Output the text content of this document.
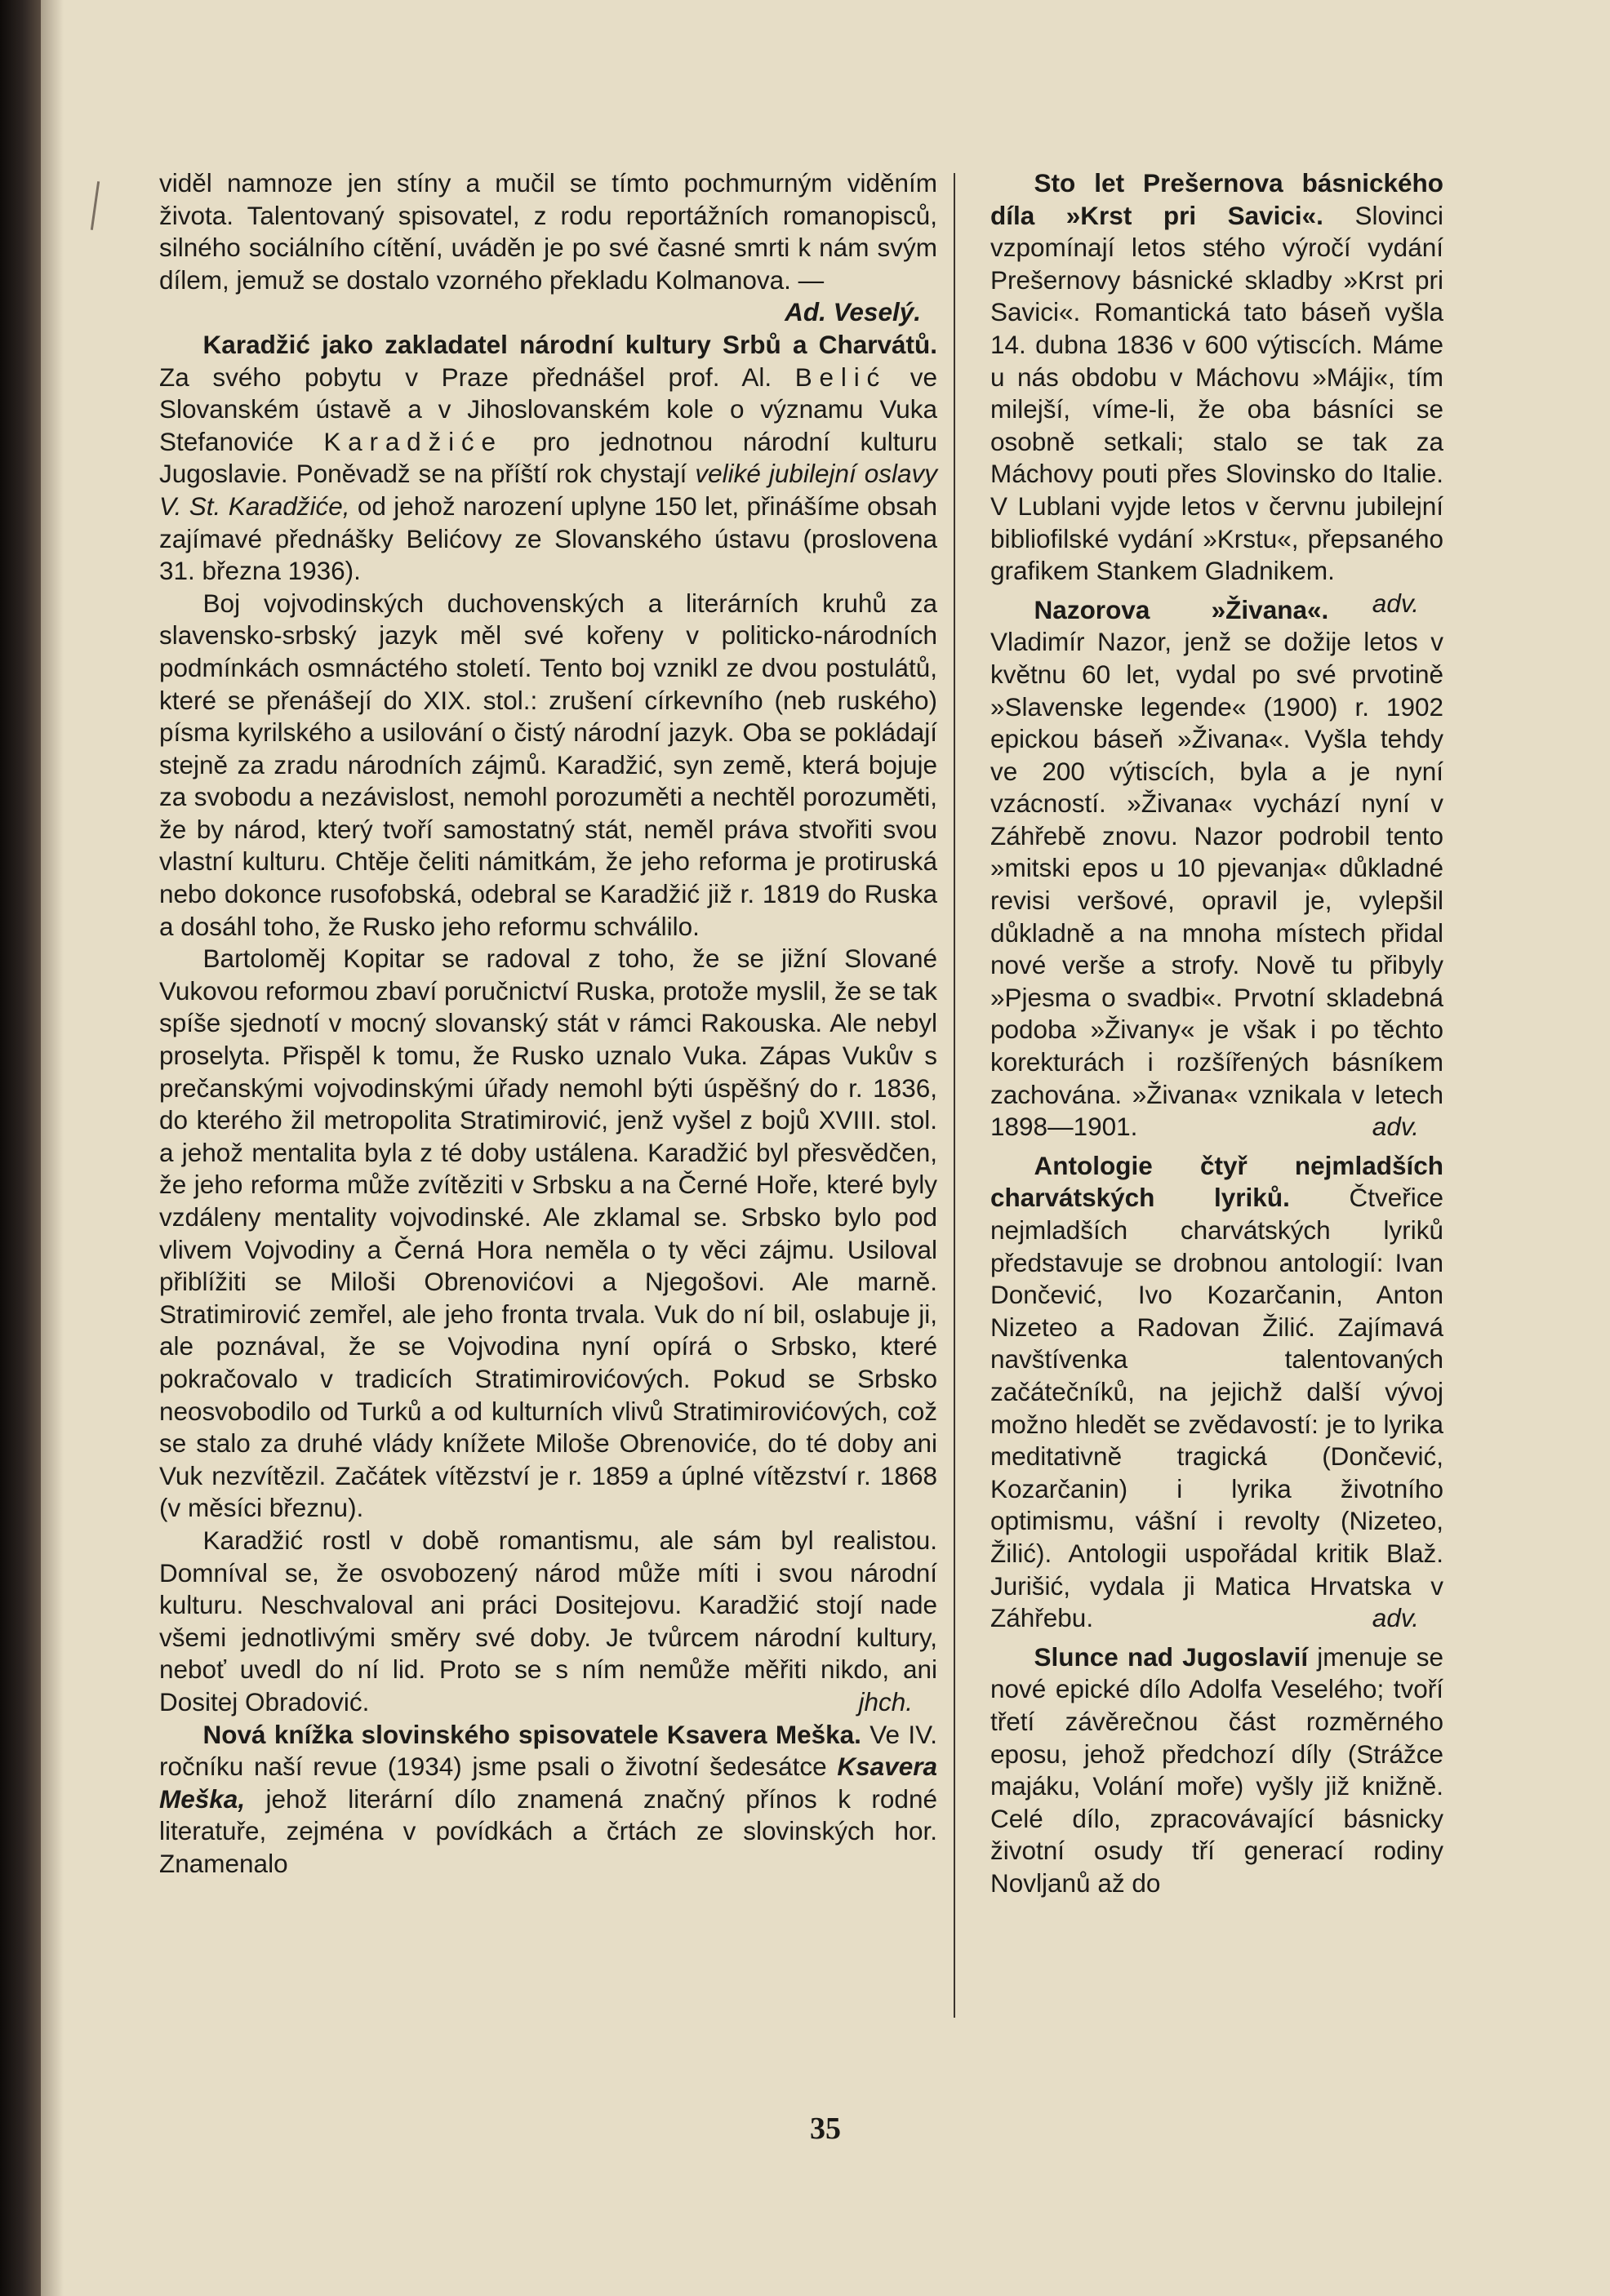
viděl namnoze jen stíny a mučil se tímto pochmurným viděním života. Talentovaný spisovatel, z rodu reportážních romanopisců, silného sociálního cítění, uváděn je po své časné smrti k nám svým dílem, jemuž se dostalo vzorného překladu Kolmanova. —

Ad. Veselý.

Karadžić jako zakladatel národní kultury Srbů a Charvátů. Za svého pobytu v Praze přednášel prof. Al. Belić ve Slovanském ústavě a v Jihoslovanském kole o významu Vuka Stefanoviće Karadžiće pro jednotnou národní kulturu Jugoslavie. Poněvadž se na příští rok chystají veliké jubilejní oslavy V. St. Karadžiće, od jehož narození uplyne 150 let, přinášíme obsah zajímavé přednášky Belićovy ze Slovanského ústavu (proslovena 31. března 1936).

Boj vojvodinských duchovenských a literárních kruhů za slavensko-srbský jazyk měl své kořeny v politicko-národních podmínkách osmnáctého století. Tento boj vznikl ze dvou postulátů, které se přenášejí do XIX. stol.: zrušení církevního (neb ruského) písma kyrilského a usilování o čistý národní jazyk. Oba se pokládají stejně za zradu národních zájmů. Karadžić, syn země, která bojuje za svobodu a nezávislost, nemohl porozuměti a nechtěl porozuměti, že by národ, který tvoří samostatný stát, neměl práva stvořiti svou vlastní kulturu. Chtěje čeliti námitkám, že jeho reforma je protiruská nebo dokonce rusofobská, odebral se Karadžić již r. 1819 do Ruska a dosáhl toho, že Rusko jeho reformu schválilo.

Bartoloměj Kopitar se radoval z toho, že se jižní Slované Vukovou reformou zbaví poručnictví Ruska, protože myslil, že se tak spíše sjednotí v mocný slovanský stát v rámci Rakouska. Ale nebyl proselyta. Přispěl k tomu, že Rusko uznalo Vuka. Zápas Vukův s prečanskými vojvodinskými úřady nemohl býti úspěšný do r. 1836, do kterého žil metropolita Stratimirović, jenž vyšel z bojů XVIII. stol. a jehož mentalita byla z té doby ustálena. Karadžić byl přesvědčen, že jeho reforma může zvítěziti v Srbsku a na Černé Hoře, které byly vzdáleny mentality vojvodinské. Ale zklamal se. Srbsko bylo pod vlivem Vojvodiny a Černá Hora neměla o ty věci zájmu. Usiloval přiblížiti se Miloši Obrenovićovi a Njegošovi. Ale marně. Stratimirović zemřel, ale jeho fronta trvala. Vuk do ní bil, oslabuje ji, ale poznával, že se Vojvodina nyní opírá o Srbsko, které pokračovalo v tradicích Stratimirovićových. Pokud se Srbsko neosvobodilo od Turků a od kulturních vlivů Stratimirovićových, což se stalo za druhé vlády knížete Miloše Obrenoviće, do té doby ani Vuk nezvítězil. Začátek vítězství je r. 1859 a úplné vítězství r. 1868 (v měsíci březnu).

Karadžić rostl v době romantismu, ale sám byl realistou. Domníval se, že osvobozený národ může míti i svou národní kulturu. Neschvaloval ani práci Dositejovu. Karadžić stojí nade všemi jednotlivými směry své doby. Je tvůrcem národní kultury, neboť uvedl do ní lid. Proto se s ním nemůže měřiti nikdo, ani Dositej Obradović.	jhch.

Nová knížka slovinského spisovatele Ksavera Meška. Ve IV. ročníku naší revue (1934) jsme psali o životní šedesátce Ksavera Meška, jehož literární dílo znamená značný přínos k rodné literatuře, zejména v povídkách a črtách ze slovinských hor. Znamenalo

Sto let Prešernova básnického díla »Krst pri Savici«. Slovinci vzpomínají letos stého výročí vydání Prešernovy básnické skladby »Krst pri Savici«. Romantická tato báseň vyšla 14. dubna 1836 v 600 výtiscích. Máme u nás obdobu v Máchovu »Máji«, tím milejší, víme-li, že oba básníci se osobně setkali; stalo se tak za Máchovy pouti přes Slovinsko do Italie. V Lublani vyjde letos v červnu jubilejní bibliofilské vydání »Krstu«, přepsaného grafikem Stankem Gladnikem.
adv.

Nazorova »Živana«. Vladimír Nazor, jenž se dožije letos v květnu 60 let, vydal po své prvotině »Slavenske legende« (1900) r. 1902 epickou báseň »Živana«. Vyšla tehdy ve 200 výtiscích, byla a je nyní vzácností. »Živana« vychází nyní v Záhřebě znovu. Nazor podrobil tento »mitski epos u 10 pjevanja« důkladné revisi veršové, opravil je, vylepšil důkladně a na mnoha místech přidal nové verše a strofy. Nově tu přibyly »Pjesma o svadbi«. Prvotní skladebná podoba »Živany« je však i po těchto korekturách i rozšířených básníkem zachována. »Živana« vznikala v letech 1898—1901.	adv.

Antologie čtyř nejmladších charvátských lyriků. Čtveřice nejmladších charvátských lyriků představuje se drobnou antologií: Ivan Dončević, Ivo Kozarčanin, Anton Nizeteo a Radovan Žilić. Zajímavá navštívenka talentovaných začátečníků, na jejichž další vývoj možno hledět se zvědavostí: je to lyrika meditativně tragická (Dončević, Kozarčanin) i lyrika životního optimismu, vášní i revolty (Nizeteo, Žilić). Antologii uspořádal kritik Blaž. Jurišić, vydala ji Matica Hrvatska v Záhřebu.	adv.

Slunce nad Jugoslavií jmenuje se nové epické dílo Adolfa Veselého; tvoří třetí závěrečnou část rozměrného eposu, jehož předchozí díly (Strážce majáku, Volání moře) vyšly již knižně. Celé dílo, zpracovávající básnicky životní osudy tří generací rodiny Novljanů až do

35
